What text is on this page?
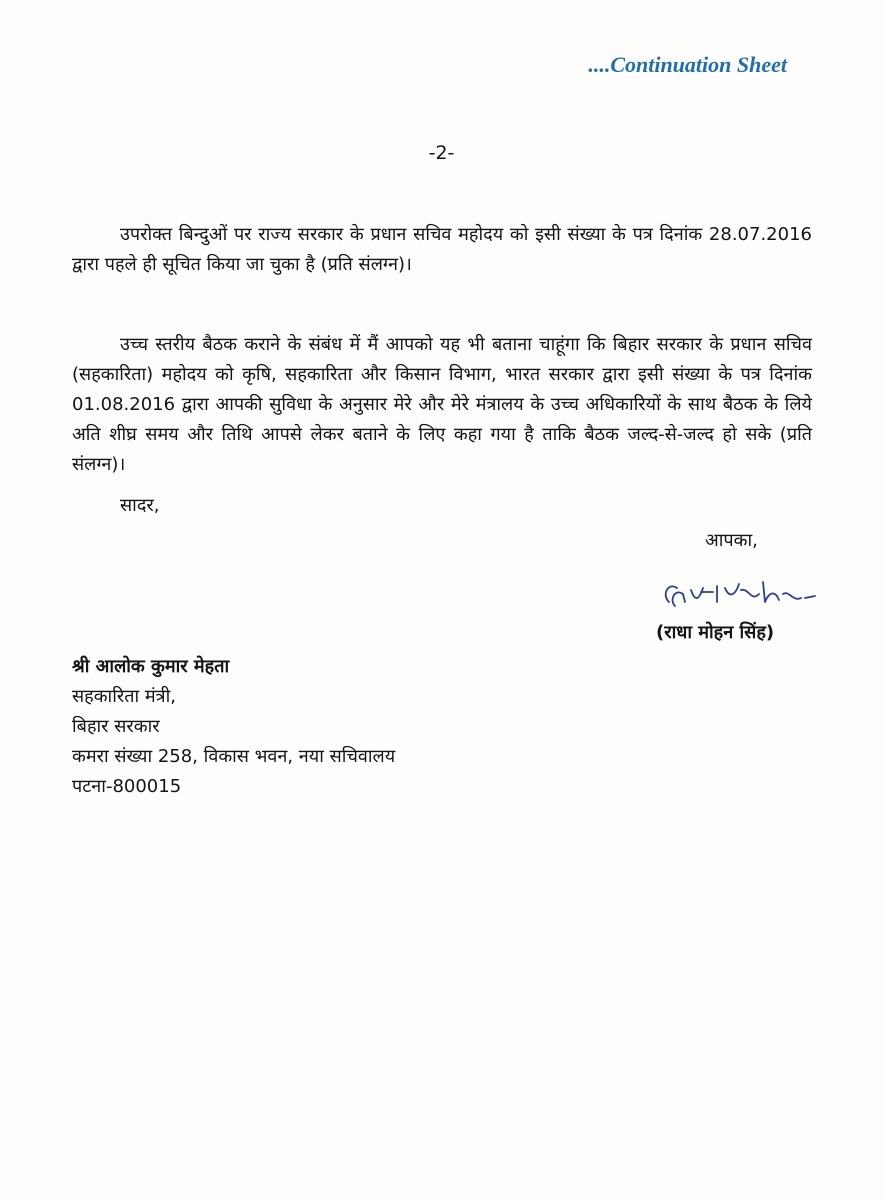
....Continuation Sheet
-2-

उपरोक्त बिन्दुओं पर राज्य सरकार के प्रधान सचिव महोदय को इसी संख्या के पत्र दिनांक 28.07.2016 द्वारा पहले ही सूचित किया जा चुका है (प्रति संलग्न)।

उच्च स्तरीय बैठक कराने के संबंध में मैं आपको यह भी बताना चाहूंगा कि बिहार सरकार के प्रधान सचिव (सहकारिता) महोदय को कृषि, सहकारिता और किसान विभाग, भारत सरकार द्वारा इसी संख्या के पत्र दिनांक 01.08.2016 द्वारा आपकी सुविधा के अनुसार मेरे और मेरे मंत्रालय के उच्च अधिकारियों के साथ बैठक के लिये अति शीघ्र समय और तिथि आपसे लेकर बताने के लिए कहा गया है ताकि बैठक जल्द-से-जल्द हो सके (प्रति संलग्न)।

सादर,
आपका,
(राधा मोहन सिंह)
श्री आलोक कुमार मेहता
सहकारिता मंत्री,
बिहार सरकार
कमरा संख्या 258, विकास भवन, नया सचिवालय
पटना-800015
